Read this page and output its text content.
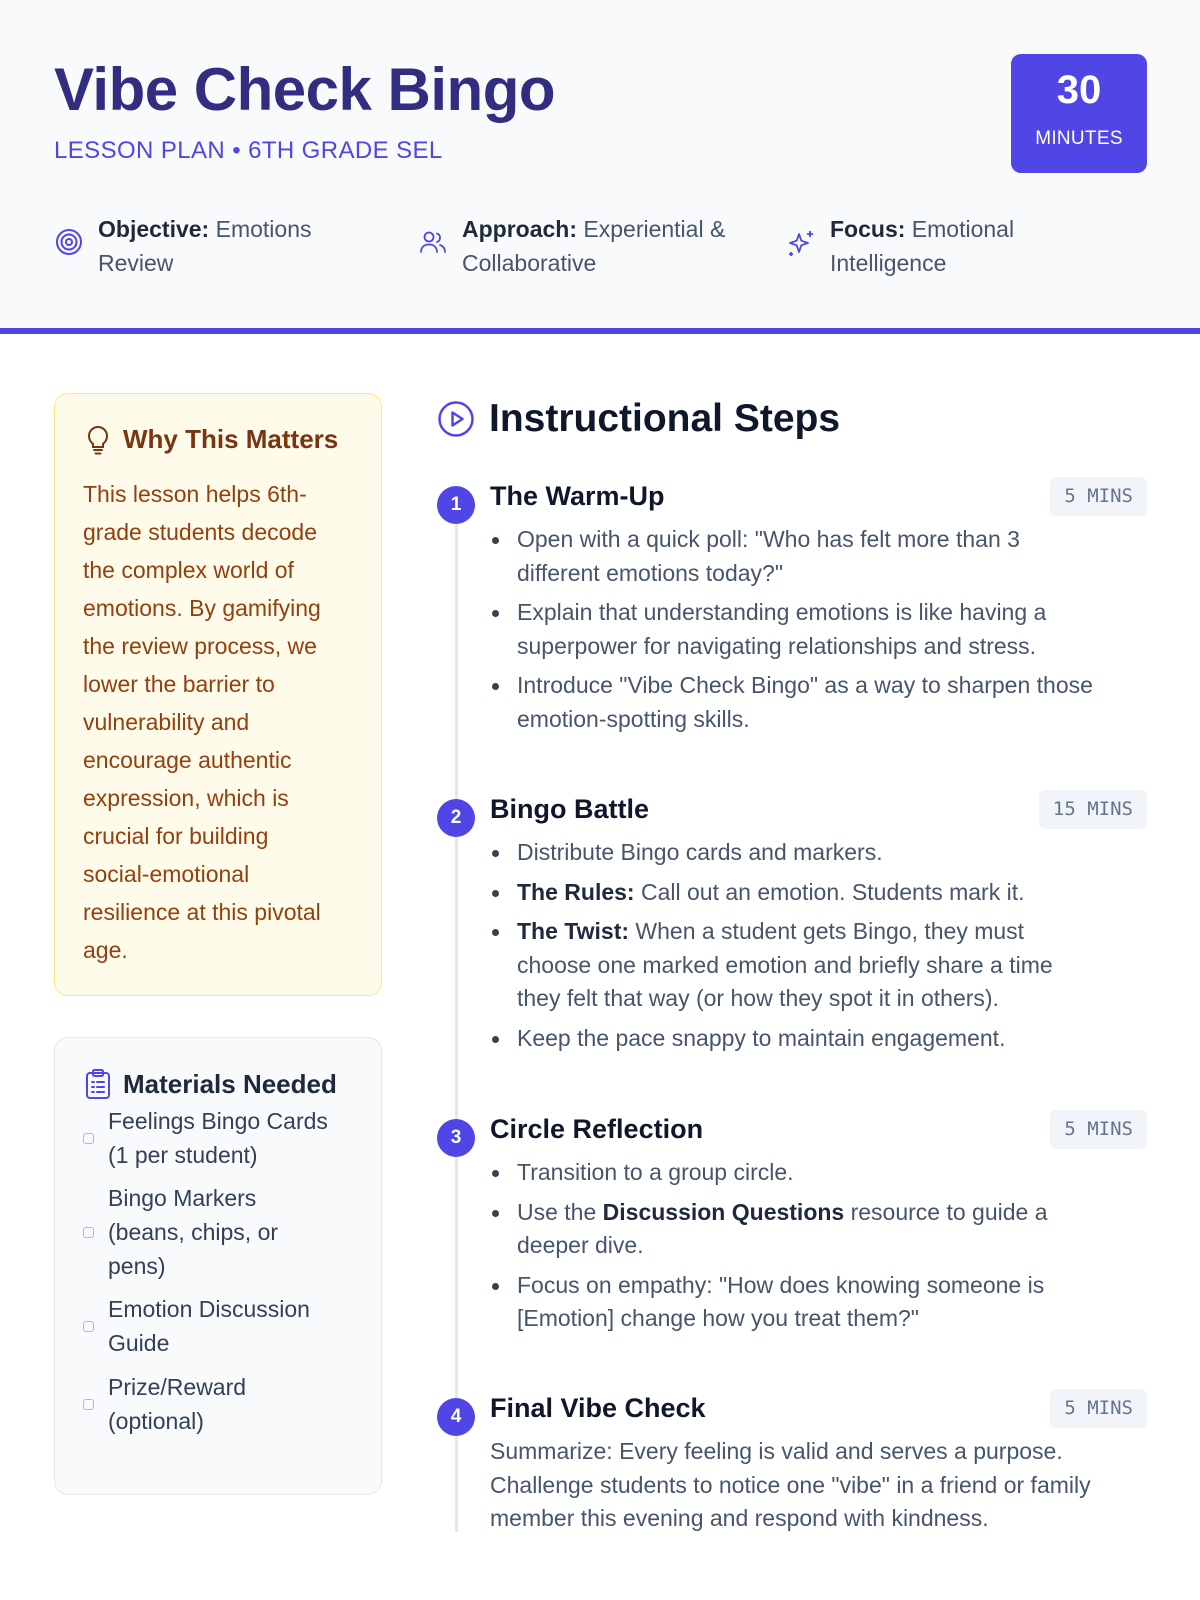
Vibe Check Bingo
LESSON PLAN • 6TH GRADE SEL
30
MINUTES
Objective: Emotions
Review
Approach: Experiential &
Collaborative
Focus: Emotional
Intelligence
Why This Matters
This lesson helps 6th-
grade students decode
the complex world of
emotions. By gamifying
the review process, we
lower the barrier to
vulnerability and
encourage authentic
expression, which is
crucial for building
social-emotional
resilience at this pivotal
age.
Materials Needed
Feelings Bingo Cards
(1 per student)
Bingo Markers
(beans, chips, or
pens)
Emotion Discussion
Guide
Prize/Reward
(optional)
Instructional Steps
1	The Warm-Up	5 MINS
Open with a quick poll: "Who has felt more than 3
different emotions today?"
Explain that understanding emotions is like having a
superpower for navigating relationships and stress.
Introduce "Vibe Check Bingo" as a way to sharpen those
emotion-spotting skills.
2	Bingo Battle	15 MINS
Distribute Bingo cards and markers.
The Rules: Call out an emotion. Students mark it.
The Twist: When a student gets Bingo, they must
choose one marked emotion and briefly share a time
they felt that way (or how they spot it in others).
Keep the pace snappy to maintain engagement.
3	Circle Reflection	5 MINS
Transition to a group circle.
Use the Discussion Questions resource to guide a
deeper dive.
Focus on empathy: "How does knowing someone is
[Emotion] change how you treat them?"
4	Final Vibe Check	5 MINS
Summarize: Every feeling is valid and serves a purpose.
Challenge students to notice one "vibe" in a friend or family
member this evening and respond with kindness.
